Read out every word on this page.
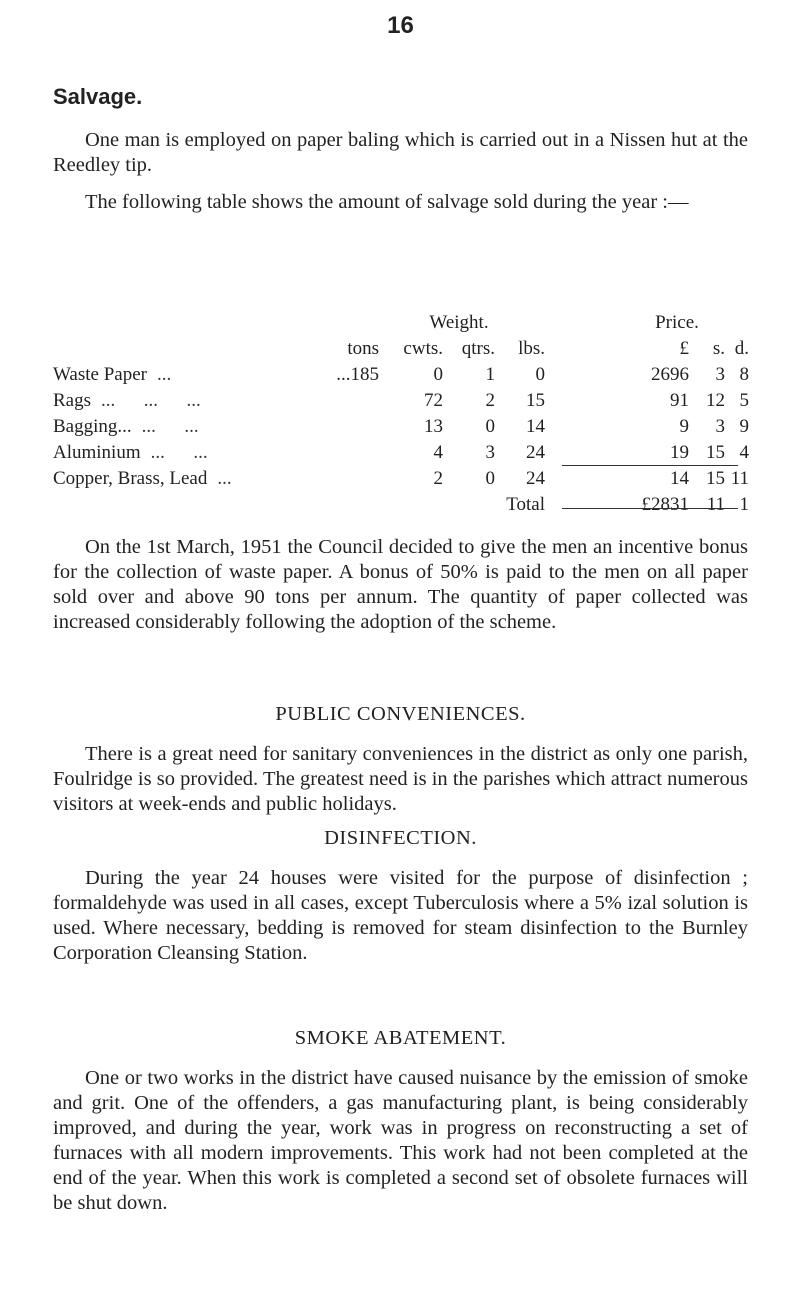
16
Salvage.

One man is employed on paper baling which is carried out in a Nissen hut at the Reedley tip.

The following table shows the amount of salvage sold during the year :—

	Weight.					Price.		
	tons	cwts.	qtrs.	lbs.		£	s.	d.
Waste Paper ...	...185	0	1	0		2696	3	8
Rags ...      ...      ...		72	2	15		91	12	5
Bagging... ...      ...		13	0	14		9	3	9
Aluminium ...      ...		4	3	24		19	15	4
Copper, Brass, Lead ...		2	0	24		14	15	11
	Total					£2831	11	1

On the 1st March, 1951 the Council decided to give the men an incentive bonus for the collection of waste paper. A bonus of 50% is paid to the men on all paper sold over and above 90 tons per annum. The quantity of paper collected was increased considerably following the adoption of the scheme.

PUBLIC CONVENIENCES.

There is a great need for sanitary conveniences in the district as only one parish, Foulridge is so provided. The greatest need is in the parishes which attract numerous visitors at week-ends and public holidays.

DISINFECTION.

During the year 24 houses were visited for the purpose of disinfection ; formaldehyde was used in all cases, except Tuberculosis where a 5% izal solution is used. Where necessary, bedding is removed for steam disinfection to the Burnley Corporation Cleansing Station.

SMOKE ABATEMENT.

One or two works in the district have caused nuisance by the emission of smoke and grit. One of the offenders, a gas manufacturing plant, is being considerably improved, and during the year, work was in progress on reconstructing a set of furnaces with all modern improvements. This work had not been completed at the end of the year. When this work is completed a second set of obsolete furnaces will be shut down.
